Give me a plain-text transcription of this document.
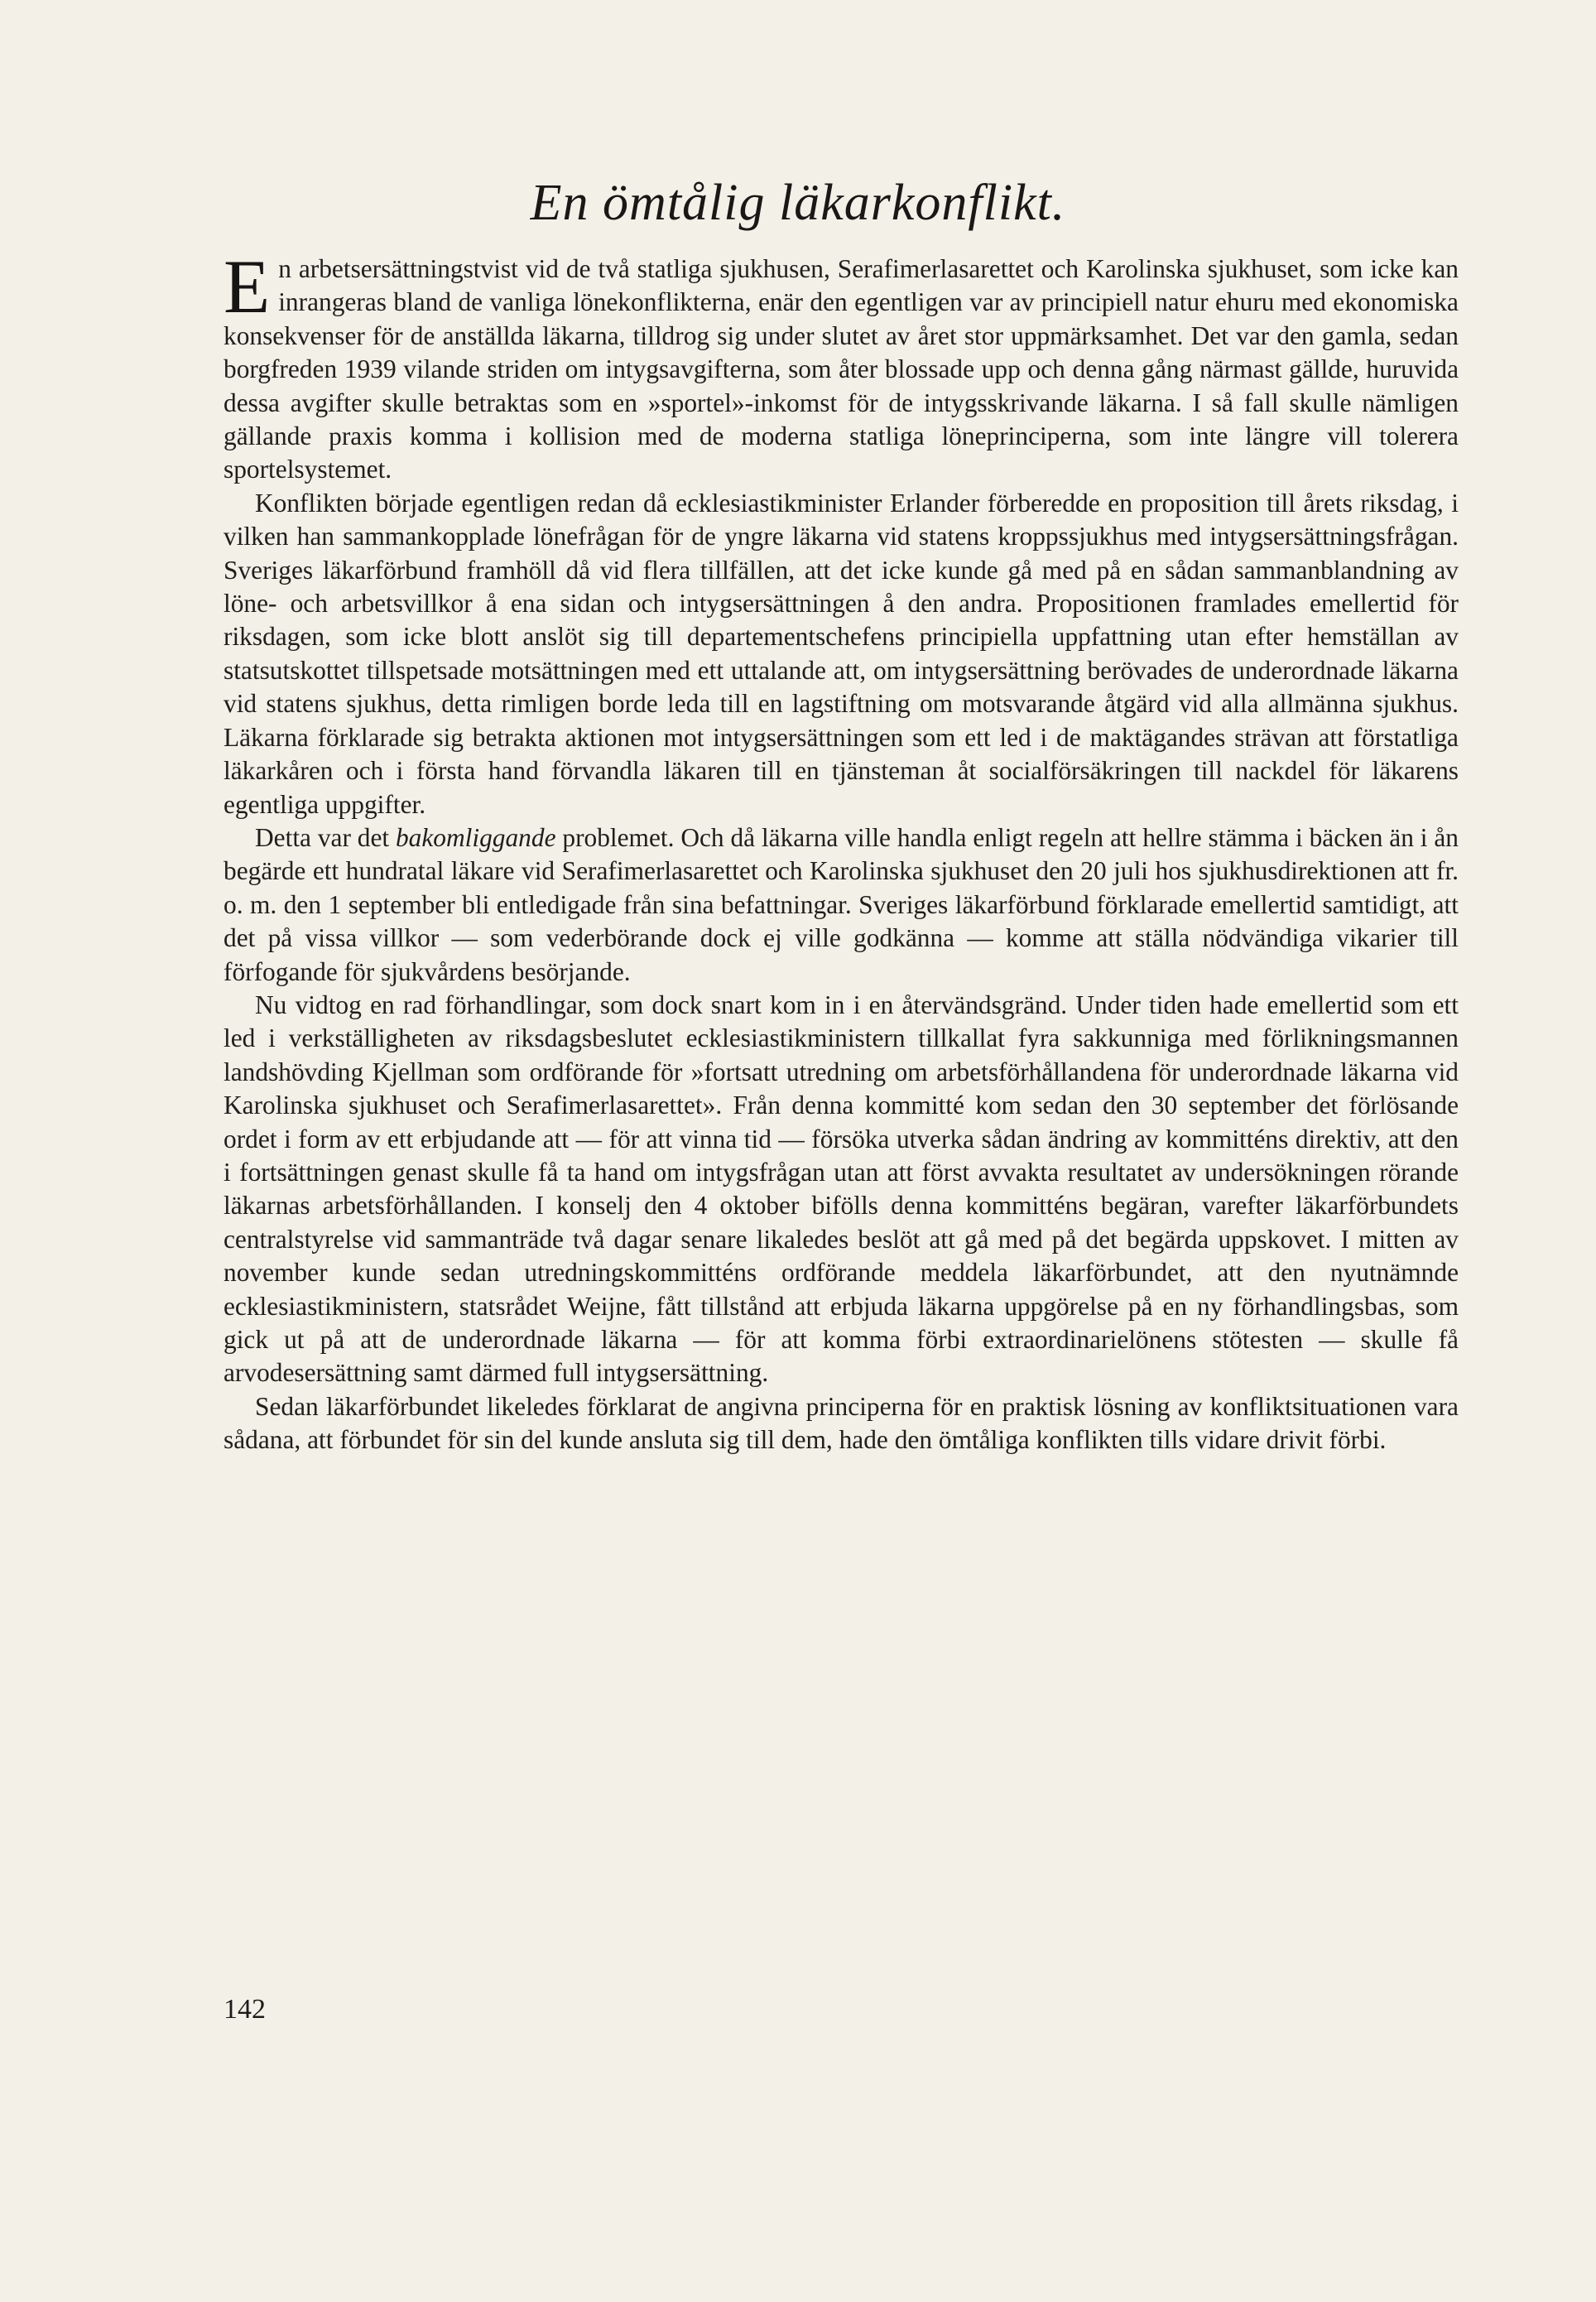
En ömtålig läkarkonflikt.

En arbetsersättningstvist vid de två statliga sjukhusen, Serafimerlasarettet och Karolinska sjukhuset, som icke kan inrangeras bland de vanliga lönekonflikterna, enär den egentligen var av principiell natur ehuru med ekonomiska konsekvenser för de anställda läkarna, tilldrog sig under slutet av året stor uppmärksamhet. Det var den gamla, sedan borgfreden 1939 vilande striden om intygsavgifterna, som åter blossade upp och denna gång närmast gällde, huruvida dessa avgifter skulle betraktas som en »sportel»-inkomst för de intygsskrivande läkarna. I så fall skulle nämligen gällande praxis komma i kollision med de moderna statliga löneprinciperna, som inte längre vill tolerera sportelsystemet.

Konflikten började egentligen redan då ecklesiastikminister Erlander förberedde en proposition till årets riksdag, i vilken han sammankopplade lönefrågan för de yngre läkarna vid statens kroppssjukhus med intygsersättningsfrågan. Sveriges läkarförbund framhöll då vid flera tillfällen, att det icke kunde gå med på en sådan sammanblandning av löne- och arbetsvillkor å ena sidan och intygsersättningen å den andra. Propositionen framlades emellertid för riksdagen, som icke blott anslöt sig till departementschefens principiella uppfattning utan efter hemställan av statsutskottet tillspetsade motsättningen med ett uttalande att, om intygsersättning berövades de underordnade läkarna vid statens sjukhus, detta rimligen borde leda till en lagstiftning om motsvarande åtgärd vid alla allmänna sjukhus. Läkarna förklarade sig betrakta aktionen mot intygsersättningen som ett led i de maktägandes strävan att förstatliga läkarkåren och i första hand förvandla läkaren till en tjänsteman åt socialförsäkringen till nackdel för läkarens egentliga uppgifter.

Detta var det bakomliggande problemet. Och då läkarna ville handla enligt regeln att hellre stämma i bäcken än i ån begärde ett hundratal läkare vid Serafimerlasarettet och Karolinska sjukhuset den 20 juli hos sjukhusdirektionen att fr. o. m. den 1 september bli entledigade från sina befattningar. Sveriges läkarförbund förklarade emellertid samtidigt, att det på vissa villkor — som vederbörande dock ej ville godkänna — komme att ställa nödvändiga vikarier till förfogande för sjukvårdens besörjande.

Nu vidtog en rad förhandlingar, som dock snart kom in i en återvändsgränd. Under tiden hade emellertid som ett led i verkställigheten av riksdagsbeslutet ecklesiastikministern tillkallat fyra sakkunniga med förlikningsmannen landshövding Kjellman som ordförande för »fortsatt utredning om arbetsförhållandena för underordnade läkarna vid Karolinska sjukhuset och Serafimerlasarettet». Från denna kommitté kom sedan den 30 september det förlösande ordet i form av ett erbjudande att — för att vinna tid — försöka utverka sådan ändring av kommitténs direktiv, att den i fortsättningen genast skulle få ta hand om intygsfrågan utan att först avvakta resultatet av undersökningen rörande läkarnas arbetsförhållanden. I konselj den 4 oktober bifölls denna kommitténs begäran, varefter läkarförbundets centralstyrelse vid sammanträde två dagar senare likaledes beslöt att gå med på det begärda uppskovet. I mitten av november kunde sedan utredningskommitténs ordförande meddela läkarförbundet, att den nyutnämnde ecklesiastikministern, statsrådet Weijne, fått tillstånd att erbjuda läkarna uppgörelse på en ny förhandlingsbas, som gick ut på att de underordnade läkarna — för att komma förbi extraordinarielönens stötesten — skulle få arvodesersättning samt därmed full intygsersättning.

Sedan läkarförbundet likeledes förklarat de angivna principerna för en praktisk lösning av konfliktsituationen vara sådana, att förbundet för sin del kunde ansluta sig till dem, hade den ömtåliga konflikten tills vidare drivit förbi.

142
